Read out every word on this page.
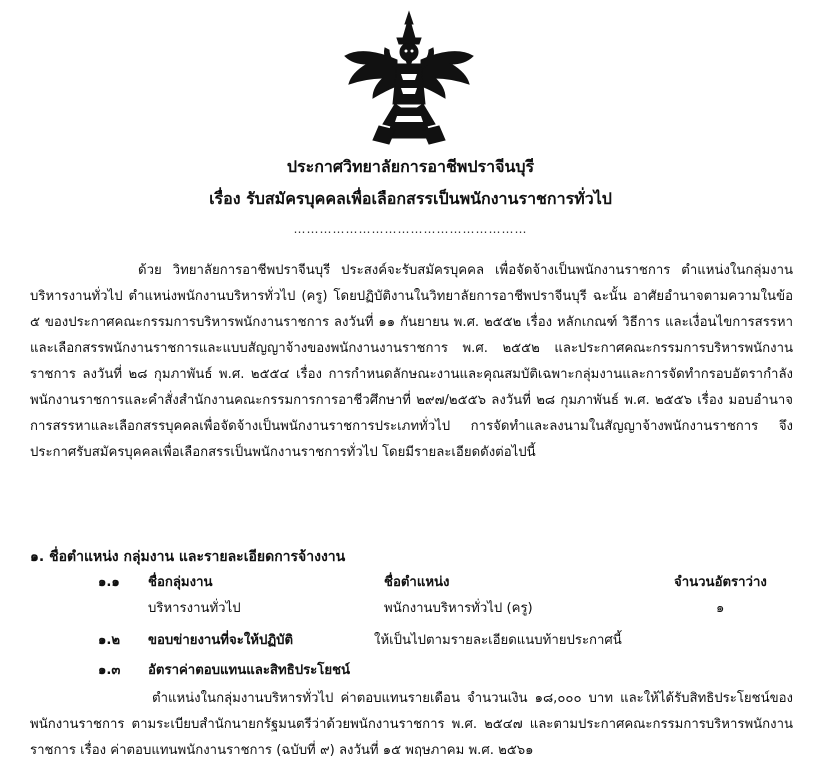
ประกาศวิทยาลัยการอาชีพปราจีนบุรี
เรื่อง รับสมัครบุคคลเพื่อเลือกสรรเป็นพนักงานราชการทั่วไป
………………………………………………
ด้วย วิทยาลัยการอาชีพปราจีนบุรี ประสงค์จะรับสมัครบุคคล เพื่อจัดจ้างเป็นพนักงานราชการ ตำแหน่งในกลุ่มงานบริหารงานทั่วไป ตำแหน่งพนักงานบริหารทั่วไป (ครู) โดยปฏิบัติงานในวิทยาลัยการอาชีพปราจีนบุรี ฉะนั้น อาศัยอำนาจตามความในข้อ ๕ ของประกาศคณะกรรมการบริหารพนักงานราชการ ลงวันที่ ๑๑ กันยายน พ.ศ. ๒๕๕๒ เรื่อง หลักเกณฑ์ วิธีการ และเงื่อนไขการสรรหาและเลือกสรรพนักงานราชการและแบบสัญญาจ้างของพนักงานงานราชการ พ.ศ. ๒๕๕๒ และประกาศคณะกรรมการบริหารพนักงานราชการ ลงวันที่ ๒๘ กุมภาพันธ์ พ.ศ. ๒๕๕๔ เรื่อง การกำหนดลักษณะงานและคุณสมบัติเฉพาะกลุ่มงานและการจัดทำกรอบอัตรากำลังพนักงานราชการและคำสั่งสำนักงานคณะกรรมการการอาชีวศึกษาที่ ๒๙๗/๒๕๕๖ ลงวันที่ ๒๘ กุมภาพันธ์ พ.ศ. ๒๕๕๖ เรื่อง มอบอำนาจการสรรหาและเลือกสรรบุคคลเพื่อจัดจ้างเป็นพนักงานราชการประเภททั่วไป การจัดทำและลงนามในสัญญาจ้างพนักงานราชการ จึงประกาศรับสมัครบุคคลเพื่อเลือกสรรเป็นพนักงานราชการทั่วไป โดยมีรายละเอียดดังต่อไปนี้
๑. ชื่อตำแหน่ง กลุ่มงาน และรายละเอียดการจ้างงาน
๑.๑ ชื่อกลุ่มงาน	ชื่อตำแหน่ง	จำนวนอัตราว่าง
บริหารงานทั่วไป	พนักงานบริหารทั่วไป (ครู)	๑
๑.๒ ขอบข่ายงานที่จะให้ปฏิบัติ	ให้เป็นไปตามรายละเอียดแนบท้ายประกาศนี้
๑.๓ อัตราค่าตอบแทนและสิทธิประโยชน์
ตำแหน่งในกลุ่มงานบริหารทั่วไป ค่าตอบแทนรายเดือน จำนวนเงิน ๑๘,๐๐๐ บาท และให้ได้รับสิทธิประโยชน์ของพนักงานราชการ ตามระเบียบสำนักนายกรัฐมนตรีว่าด้วยพนักงานราชการ พ.ศ. ๒๕๔๗ และตามประกาศคณะกรรมการบริหารพนักงานราชการ เรื่อง ค่าตอบแทนพนักงานราชการ (ฉบับที่ ๙) ลงวันที่ ๑๕ พฤษภาคม พ.ศ. ๒๕๖๑
